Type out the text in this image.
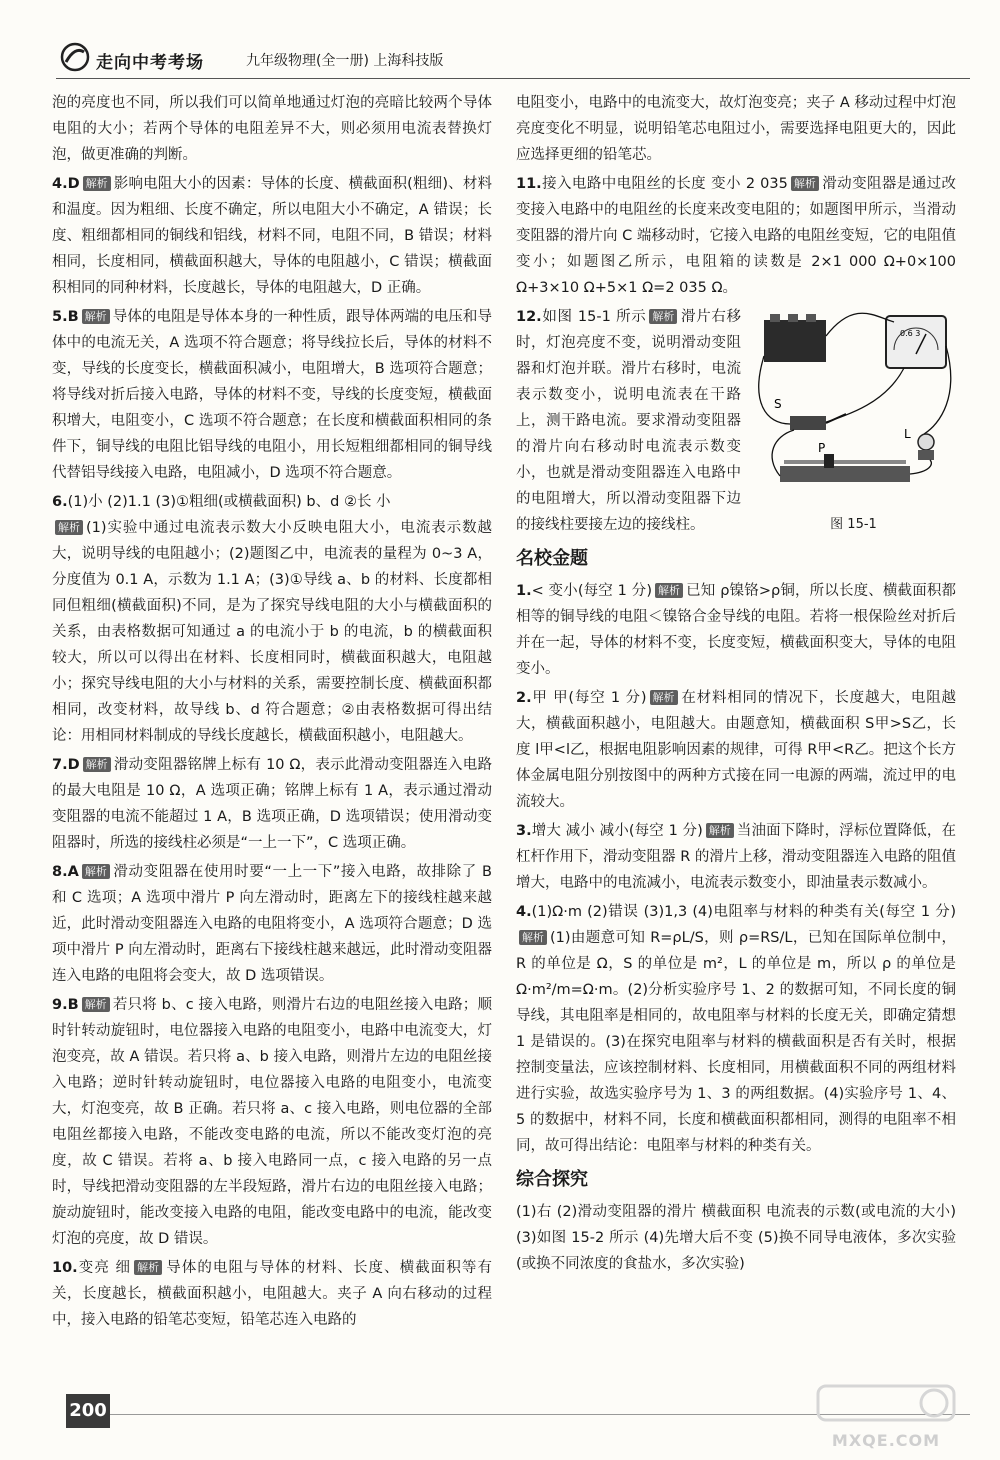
走向中考考场	九年级物理(全一册) 上海科技版

泡的亮度也不同，所以我们可以简单地通过灯泡的亮暗比较两个导体电阻的大小；若两个导体的电阻差异不大，则必须用电流表替换灯泡，做更准确的判断。

4.D 解析 影响电阻大小的因素：导体的长度、横截面积(粗细)、材料和温度。因为粗细、长度不确定，所以电阻大小不确定，A 错误；长度、粗细都相同的铜线和铝线，材料不同，电阻不同，B 错误；材料相同，长度相同，横截面积越大，导体的电阻越小，C 错误；横截面积相同的同种材料，长度越长，导体的电阻越大，D 正确。

5.B 解析 导体的电阻是导体本身的一种性质，跟导体两端的电压和导体中的电流无关，A 选项不符合题意；将导线拉长后，导体的材料不变，导线的长度变长，横截面积减小，电阻增大，B 选项符合题意；将导线对折后接入电路，导体的材料不变，导线的长度变短，横截面积增大，电阻变小，C 选项不符合题意；在长度和横截面积相同的条件下，铜导线的电阻比铝导线的电阻小，用长短粗细都相同的铜导线代替铝导线接入电路，电阻减小，D 选项不符合题意。

6.(1)小 (2)1.1 (3)①粗细(或横截面积) b、d ②长 小
解析 (1)实验中通过电流表示数大小反映电阻大小，电流表示数越大，说明导线的电阻越小；(2)题图乙中，电流表的量程为 0~3 A，分度值为 0.1 A，示数为 1.1 A；(3)①导线 a、b 的材料、长度都相同但粗细(横截面积)不同，是为了探究导线电阻的大小与横截面积的关系，由表格数据可知通过 a 的电流小于 b 的电流，b 的横截面积较大，所以可以得出在材料、长度相同时，横截面积越大，电阻越小；探究导线电阻的大小与材料的关系，需要控制长度、横截面积都相同，改变材料，故导线 b、d 符合题意；②由表格数据可得出结论：用相同材料制成的导线长度越长，横截面积越小，电阻越大。

7.D 解析 滑动变阻器铭牌上标有 10 Ω，表示此滑动变阻器连入电路的最大电阻是 10 Ω，A 选项正确；铭牌上标有 1 A，表示通过滑动变阻器的电流不能超过 1 A，B 选项正确，D 选项错误；使用滑动变阻器时，所选的接线柱必须是“一上一下”，C 选项正确。

8.A 解析 滑动变阻器在使用时要“一上一下”接入电路，故排除了 B 和 C 选项；A 选项中滑片 P 向左滑动时，距离左下的接线柱越来越近，此时滑动变阻器连入电路的电阻将变小，A 选项符合题意；D 选项中滑片 P 向左滑动时，距离右下接线柱越来越远，此时滑动变阻器连入电路的电阻将会变大，故 D 选项错误。

9.B 解析 若只将 b、c 接入电路，则滑片右边的电阻丝接入电路；顺时针转动旋钮时，电位器接入电路的电阻变小，电路中电流变大，灯泡变亮，故 A 错误。若只将 a、b 接入电路，则滑片左边的电阻丝接入电路；逆时针转动旋钮时，电位器接入电路的电阻变小，电流变大，灯泡变亮，故 B 正确。若只将 a、c 接入电路，则电位器的全部电阻丝都接入电路，不能改变电路的电流，所以不能改变灯泡的亮度，故 C 错误。若将 a、b 接入电路同一点，c 接入电路的另一点时，导线把滑动变阻器的左半段短路，滑片右边的电阻丝接入电路；旋动旋钮时，能改变接入电路的电阻，能改变电路中的电流，能改变灯泡的亮度，故 D 错误。

10.变亮 细 解析 导体的电阻与导体的材料、长度、横截面积等有关，长度越长，横截面积越小，电阻越大。夹子 A 向右移动的过程中，接入电路的铅笔芯变短，铅笔芯连入电路的

电阻变小，电路中的电流变大，故灯泡变亮；夹子 A 移动过程中灯泡亮度变化不明显，说明铅笔芯电阻过小，需要选择电阻更大的，因此应选择更细的铅笔芯。

11.接入电路中电阻丝的长度 变小 2 035 解析 滑动变阻器是通过改变接入电路中的电阻丝的长度来改变电阻的；如题图甲所示，当滑动变阻器的滑片向 C 端移动时，它接入电路的电阻丝变短，它的电阻值变小；如题图乙所示，电阻箱的读数是 2×1 000 Ω+0×100 Ω+3×10 Ω+5×1 Ω=2 035 Ω。

0.6 3
S
L
P
图 15-1
12.如图 15-1 所示 解析 滑片右移时，灯泡亮度不变，说明滑动变阻器和灯泡并联。滑片右移时，电流表示数变小，说明电流表在干路上，测干路电流。要求滑动变阻器的滑片向右移动时电流表示数变小，也就是滑动变阻器连入电路中的电阻增大，所以滑动变阻器下边的接线柱要接左边的接线柱。
名校金题

1.< 变小(每空 1 分) 解析 已知 ρ镍铬>ρ铜，所以长度、横截面积都相等的铜导线的电阻＜镍铬合金导线的电阻。若将一根保险丝对折后并在一起，导体的材料不变，长度变短，横截面积变大，导体的电阻变小。

2.甲 甲(每空 1 分) 解析 在材料相同的情况下，长度越大，电阻越大，横截面积越小，电阻越大。由题意知，横截面积 S甲>S乙，长度 l甲<l乙，根据电阻影响因素的规律，可得 R甲<R乙。把这个长方体金属电阻分别按图中的两种方式接在同一电源的两端，流过甲的电流较大。

3.增大 减小 减小(每空 1 分) 解析 当油面下降时，浮标位置降低，在杠杆作用下，滑动变阻器 R 的滑片上移，滑动变阻器连入电路的阻值增大，电路中的电流减小，电流表示数变小，即油量表示数减小。

4.(1)Ω·m (2)错误 (3)1,3 (4)电阻率与材料的种类有关(每空 1 分)解析 (1)由题意可知 R=ρL/S，则 ρ=RS/L，已知在国际单位制中，R 的单位是 Ω，S 的单位是 m²，L 的单位是 m，所以 ρ 的单位是 Ω·m²/m=Ω·m。(2)分析实验序号 1、2 的数据可知，不同长度的铜导线，其电阻率是相同的，故电阻率与材料的长度无关，即确定猜想 1 是错误的。(3)在探究电阻率与材料的横截面积是否有关时，根据控制变量法，应该控制材料、长度相同，用横截面积不同的两组材料进行实验，故选实验序号为 1、3 的两组数据。(4)实验序号 1、4、5 的数据中，材料不同，长度和横截面积都相同，测得的电阻率不相同，故可得出结论：电阻率与材料的种类有关。

综合探究

(1)右 (2)滑动变阻器的滑片 横截面积 电流表的示数(或电流的大小) (3)如图 15-2 所示 (4)先增大后不变 (5)换不同导电液体，多次实验(或换不同浓度的食盐水，多次实验)

200
MXQE.COM
